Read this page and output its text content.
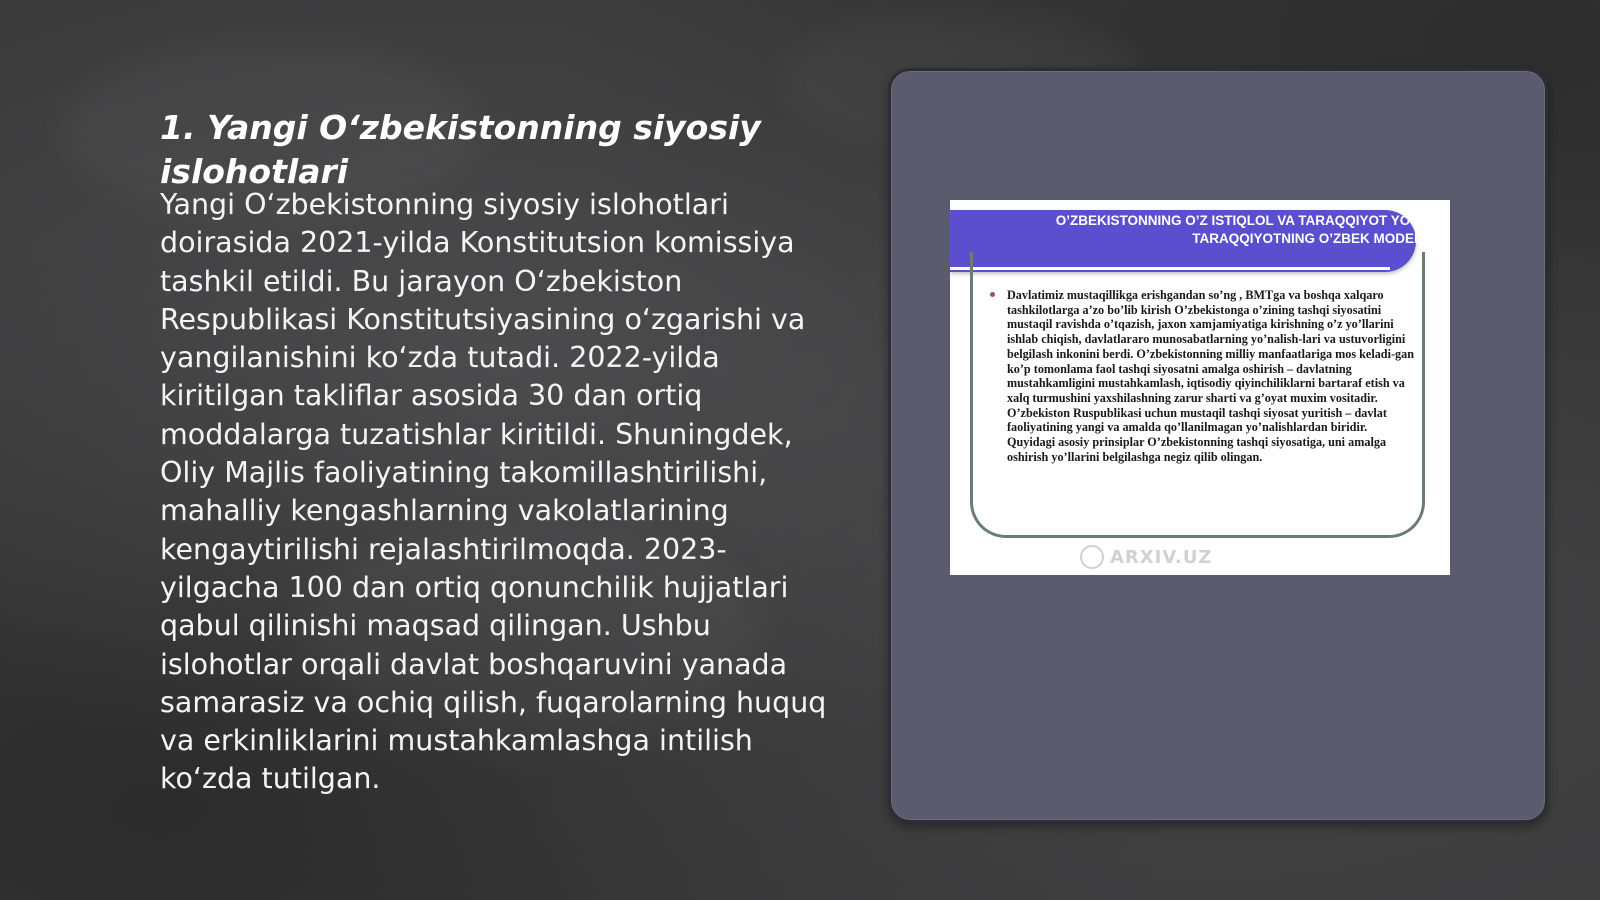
1. Yangi O‘zbekistonning siyosiy islohotlari

Yangi O‘zbekistonning siyosiy islohotlari doirasida 2021-yilda Konstitutsion komissiya tashkil etildi. Bu jarayon O‘zbekiston Respublikasi Konstitutsiyasining o‘zgarishi va yangilanishini ko‘zda tutadi. 2022-yilda kiritilgan takliflar asosida 30 dan ortiq moddalarga tuzatishlar kiritildi. Shuningdek, Oliy Majlis faoliyatining takomillashtirilishi, mahalliy kengashlarning vakolatlarining kengaytirilishi rejalashtirilmoqda. 2023-yilgacha 100 dan ortiq qonunchilik hujjatlari qabul qilinishi maqsad qilingan. Ushbu islohotlar orqali davlat boshqaruvini yanada samarasiz va ochiq qilish, fuqarolarning huquq va erkinliklarini mustahkamlashga intilish ko‘zda tutilgan.

O’ZBEKISTONNING O’Z ISTIQLOL VA TARAQQIYOT YO’LI
TARAQQIYOTNING O’ZBEK MODELI

Davlatimiz mustaqillikga erishgandan so’ng , BMTga va boshqa xalqaro tashkilotlarga a’zo bo’lib kirish O’zbekistonga o’zining tashqi siyosatini mustaqil ravishda o’tqazish, jaxon xamjamiyatiga kirishning o’z yo’llarini ishlab chiqish, davlatlararo munosabatlarning yo’nalish-lari va ustuvorligini belgilash inkonini berdi. O’zbekistonning milliy manfaatlariga mos keladi-gan ko’p tomonlama faol tashqi siyosatni amalga oshirish – davlatning mustahkamligini mustahkamlash, iqtisodiy qiyinchiliklarni bartaraf etish va xalq turmushini yaxshilashning zarur sharti va g’oyat muxim vositadir. O’zbekiston Ruspublikasi uchun mustaqil tashqi siyosat yuritish – davlat faoliyatining yangi va amalda qo’llanilmagan yo’nalishlardan biridir. Quyidagi asosiy prinsiplar O’zbekistonning tashqi siyosatiga, uni amalga oshirish yo’llarini belgilashga negiz qilib olingan.

ARXIV.UZ
